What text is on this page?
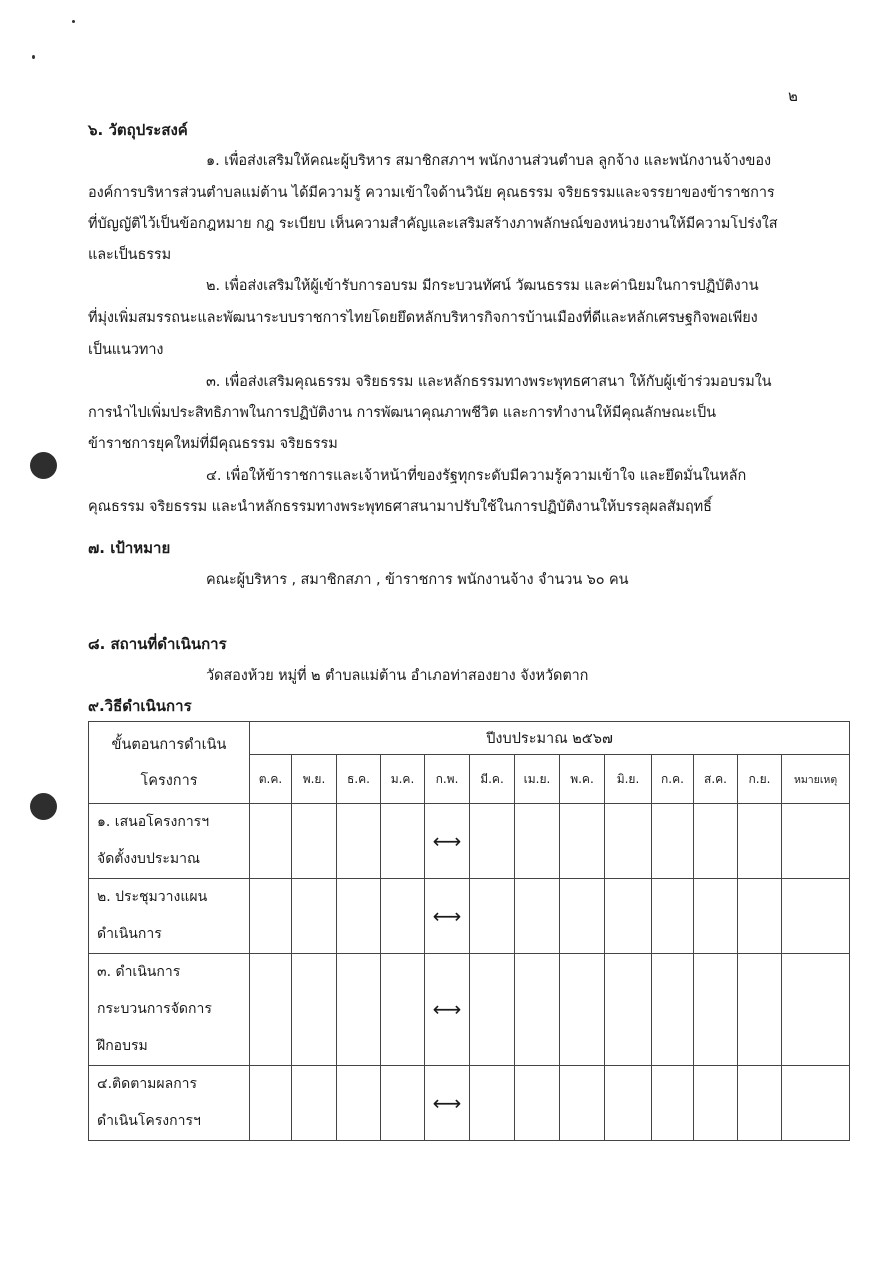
๒
๖. วัตถุประสงค์
๑. เพื่อส่งเสริมให้คณะผู้บริหาร สมาชิกสภาฯ พนักงานส่วนตำบล ลูกจ้าง และพนักงานจ้างของ
องค์การบริหารส่วนตำบลแม่ต้าน ได้มีความรู้ ความเข้าใจด้านวินัย คุณธรรม จริยธรรมและจรรยาของข้าราชการ
ที่บัญญัติไว้เป็นข้อกฎหมาย กฎ ระเบียบ เห็นความสำคัญและเสริมสร้างภาพลักษณ์ของหน่วยงานให้มีความโปร่งใส
และเป็นธรรม
๒. เพื่อส่งเสริมให้ผู้เข้ารับการอบรม มีกระบวนทัศน์ วัฒนธรรม และค่านิยมในการปฏิบัติงาน
ที่มุ่งเพิ่มสมรรถนะและพัฒนาระบบราชการไทยโดยยึดหลักบริหารกิจการบ้านเมืองที่ดีและหลักเศรษฐกิจพอเพียง
เป็นแนวทาง
๓. เพื่อส่งเสริมคุณธรรม จริยธรรม และหลักธรรมทางพระพุทธศาสนา ให้กับผู้เข้าร่วมอบรมใน
การนำไปเพิ่มประสิทธิภาพในการปฏิบัติงาน การพัฒนาคุณภาพชีวิต และการทำงานให้มีคุณลักษณะเป็น
ข้าราชการยุคใหม่ที่มีคุณธรรม จริยธรรม
๔. เพื่อให้ข้าราชการและเจ้าหน้าที่ของรัฐทุกระดับมีความรู้ความเข้าใจ และยึดมั่นในหลัก
คุณธรรม จริยธรรม และนำหลักธรรมทางพระพุทธศาสนามาปรับใช้ในการปฏิบัติงานให้บรรลุผลสัมฤทธิ์
๗. เป้าหมาย
คณะผู้บริหาร , สมาชิกสภา , ข้าราชการ พนักงานจ้าง จำนวน ๖๐ คน
๘. สถานที่ดำเนินการ
วัดสองห้วย หมู่ที่ ๒ ตำบลแม่ต้าน อำเภอท่าสองยาง จังหวัดตาก
๙.วิธีดำเนินการ
ขั้นตอนการดำเนิน
โครงการ	ปีงบประมาณ ๒๕๖๗												
	ต.ค.	พ.ย.	ธ.ค.	ม.ค.	ก.พ.	มี.ค.	เม.ย.	พ.ค.	มิ.ย.	ก.ค.	ส.ค.	ก.ย.	หมายเหตุ

๑. เสนอโครงการฯ
จัดตั้งงบประมาณ					⟷								

๒. ประชุมวางแผน
ดำเนินการ					⟷								

๓. ดำเนินการ
กระบวนการจัดการ
ฝึกอบรม					⟷								

๔.ติดตามผลการ
ดำเนินโครงการฯ					⟷								
